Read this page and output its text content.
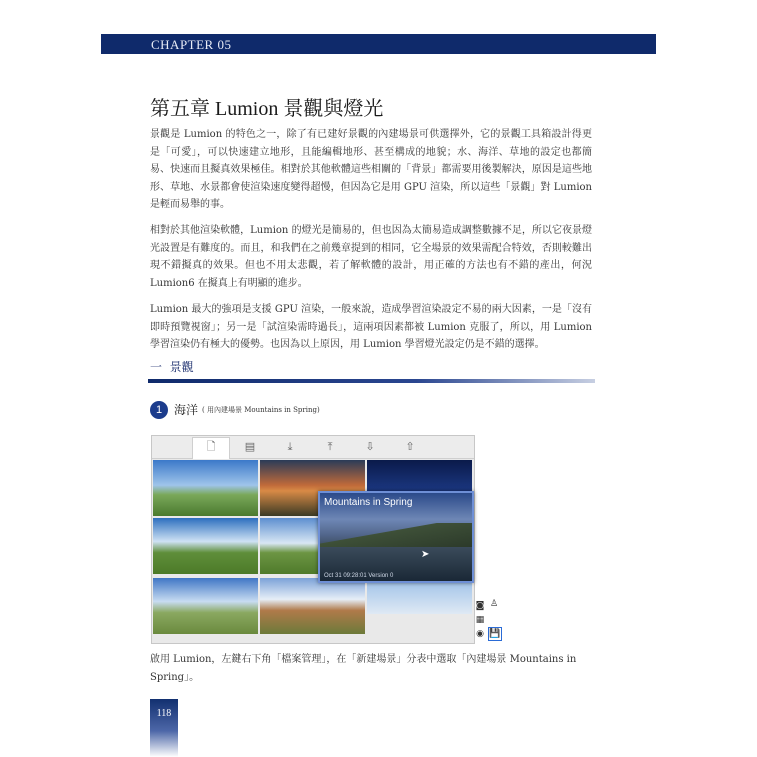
CHAPTER 05
第五章 Lumion 景觀與燈光

景觀是 Lumion 的特色之一，除了有已建好景觀的內建場景可供選擇外，它的景觀工具箱設計得更是「可愛」，可以快速建立地形，且能編輯地形、甚至構成的地貌；水、海洋、草地的設定也都簡易、快速而且擬真效果極佳。相對於其他軟體這些相關的「背景」都需要用後製解決，原因是這些地形、草地、水景都會使渲染速度變得超慢，但因為它是用 GPU 渲染，所以這些「景觀」對 Lumion 是輕而易舉的事。

相對於其他渲染軟體，Lumion 的燈光是簡易的，但也因為太簡易造成調整數據不足，所以它夜景燈光設置是有難度的。而且，和我們在之前幾章提到的相同，它全場景的效果需配合特效，否則較難出現不錯擬真的效果。但也不用太悲觀，若了解軟體的設計，用正確的方法也有不錯的產出，何況 Lumion6 在擬真上有明顯的進步。

Lumion 最大的強項是支援 GPU 渲染，一般來說，造成學習渲染設定不易的兩大因素，一是「沒有即時預覽視窗」；另一是「試渲染需時過長」，這兩項因素都被 Lumion 克服了，所以，用 Lumion 學習渲染仍有極大的優勢。也因為以上原因，用 Lumion 學習燈光設定仍是不錯的選擇。

一 景觀
1 海洋 ( 用內建場景 Mountains in Spring)
🗋	▤	⤓	⤒	⇩	⇧
Mountains in Spring
➤
Oct 31 09:28:01 Version 0
◙ ♙
▦
◉ 💾

啟用 Lumion，左鍵右下角「檔案管理」，在「新建場景」分表中選取「內建場景 Mountains in Spring」。

118
